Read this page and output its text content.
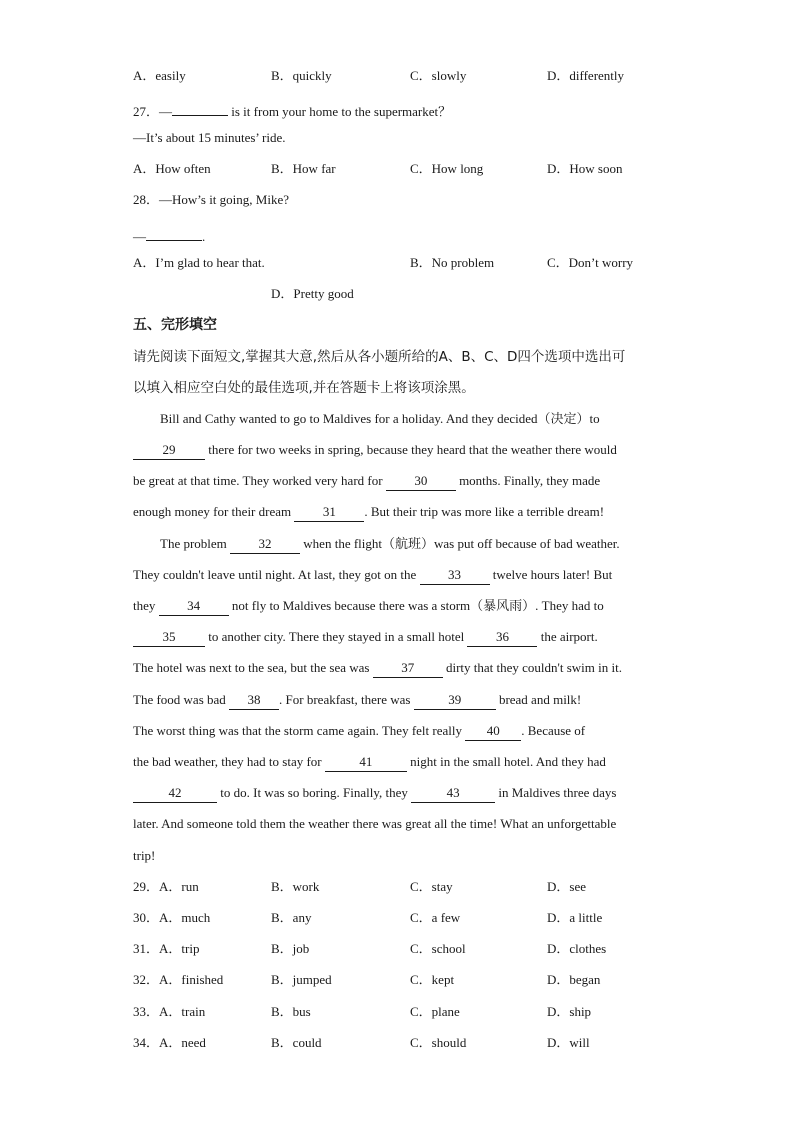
A．easily	B．quickly	C．slowly	D．differently
27．—	is it from your home to the supermarket？
—It’s about 15 minutes’ ride.
A．How often	B．How far	C．How long	D．How soon
28．—How’s it going, Mike?
—	.
A．I’m glad to hear that.	B．No problem	C．Don’t worry
D．Pretty good
五、完形填空
请先阅读下面短文,掌握其大意,然后从各小题所给的A、B、C、D四个选项中选出可
以填入相应空白处的最佳选项,并在答题卡上将该项涂黑。
Bill and Cathy wanted to go to Maldives for a holiday. And they decided（决定）to
29 there for two weeks in spring, because they heard that the weather there would
be great at that time. They worked very hard for 30 months. Finally, they made
enough money for their dream 31 . But their trip was more like a terrible dream!
The problem 32 when the flight（航班）was put off because of bad weather.
They couldn't leave until night. At last, they got on the 33 twelve hours later! But
they 34 not fly to Maldives because there was a storm（暴风雨）. They had to
35 to another city. There they stayed in a small hotel 36 the airport.
The hotel was next to the sea, but the sea was 37 dirty that they couldn't swim in it.
The food was bad 38 . For breakfast, there was	39	bread and milk!
The worst thing was that the storm came again. They felt really 40 . Because of
the bad weather, they had to stay for	41	night in the small hotel. And they had
42	to do. It was so boring. Finally, they	43	in Maldives three days
later. And someone told them the weather there was great all the time! What an unforgettable
trip!
29．A．run	B．work	C．stay	D．see
30．A．much	B．any	C．a few	D．a little
31．A．trip	B．job	C．school	D．clothes
32．A．finished	B．jumped	C．kept	D．began
33．A．train	B．bus	C．plane	D．ship
34．A．need	B．could	C．should	D．will
